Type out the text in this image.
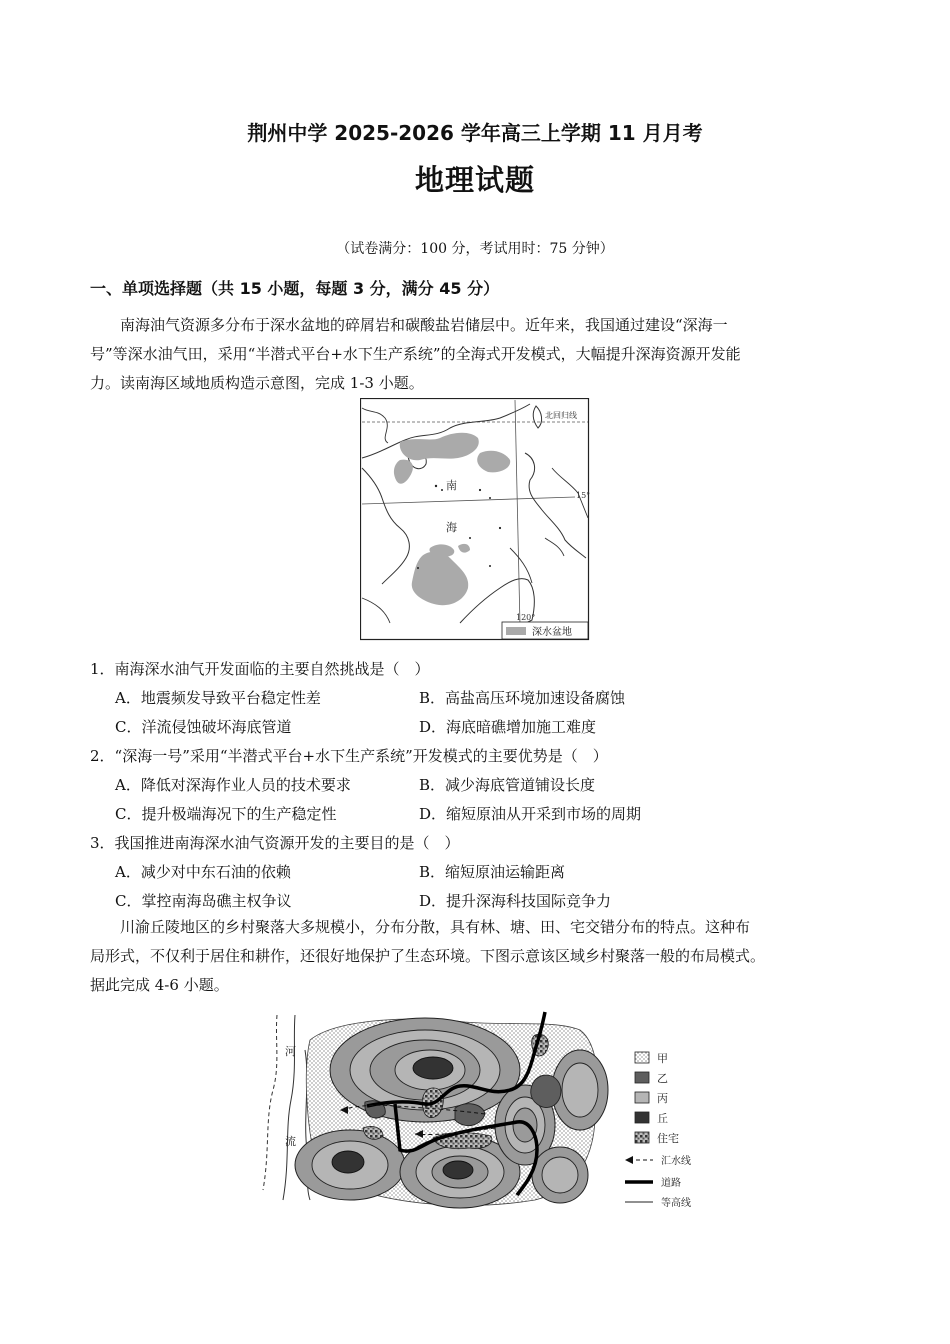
荆州中学 2025-2026 学年高三上学期 11 月月考
地理试题
（试卷满分：100 分，考试用时：75 分钟）
一、单项选择题（共 15 小题，每题 3 分，满分 45 分）
南海油气资源多分布于深水盆地的碎屑岩和碳酸盐岩储层中。近年来，我国通过建设“深海一
号”等深水油气田，采用“半潜式平台+水下生产系统”的全海式开发模式，大幅提升深海资源开发能
力。读南海区域地质构造示意图，完成 1-3 小题。
北回归线
南
海
15°
120°
深水盆地
1．南海深水油气开发面临的主要自然挑战是（　）
A．地震频发导致平台稳定性差	B．高盐高压环境加速设备腐蚀
C．洋流侵蚀破坏海底管道	D．海底暗礁增加施工难度
2．“深海一号”采用“半潜式平台+水下生产系统”开发模式的主要优势是（　）
A．降低对深海作业人员的技术要求	B．减少海底管道铺设长度
C．提升极端海况下的生产稳定性	D．缩短原油从开采到市场的周期
3．我国推进南海深水油气资源开发的主要目的是（　）
A．减少对中东石油的依赖	B．缩短原油运输距离
C．掌控南海岛礁主权争议	D．提升深海科技国际竞争力
川渝丘陵地区的乡村聚落大多规模小，分布分散，具有林、塘、田、宅交错分布的特点。这种布
局形式，不仅利于居住和耕作，还很好地保护了生态环境。下图示意该区域乡村聚落一般的布局模式。
据此完成 4-6 小题。
河
流
甲
乙
丙
丘
住宅
汇水线
道路
等高线
